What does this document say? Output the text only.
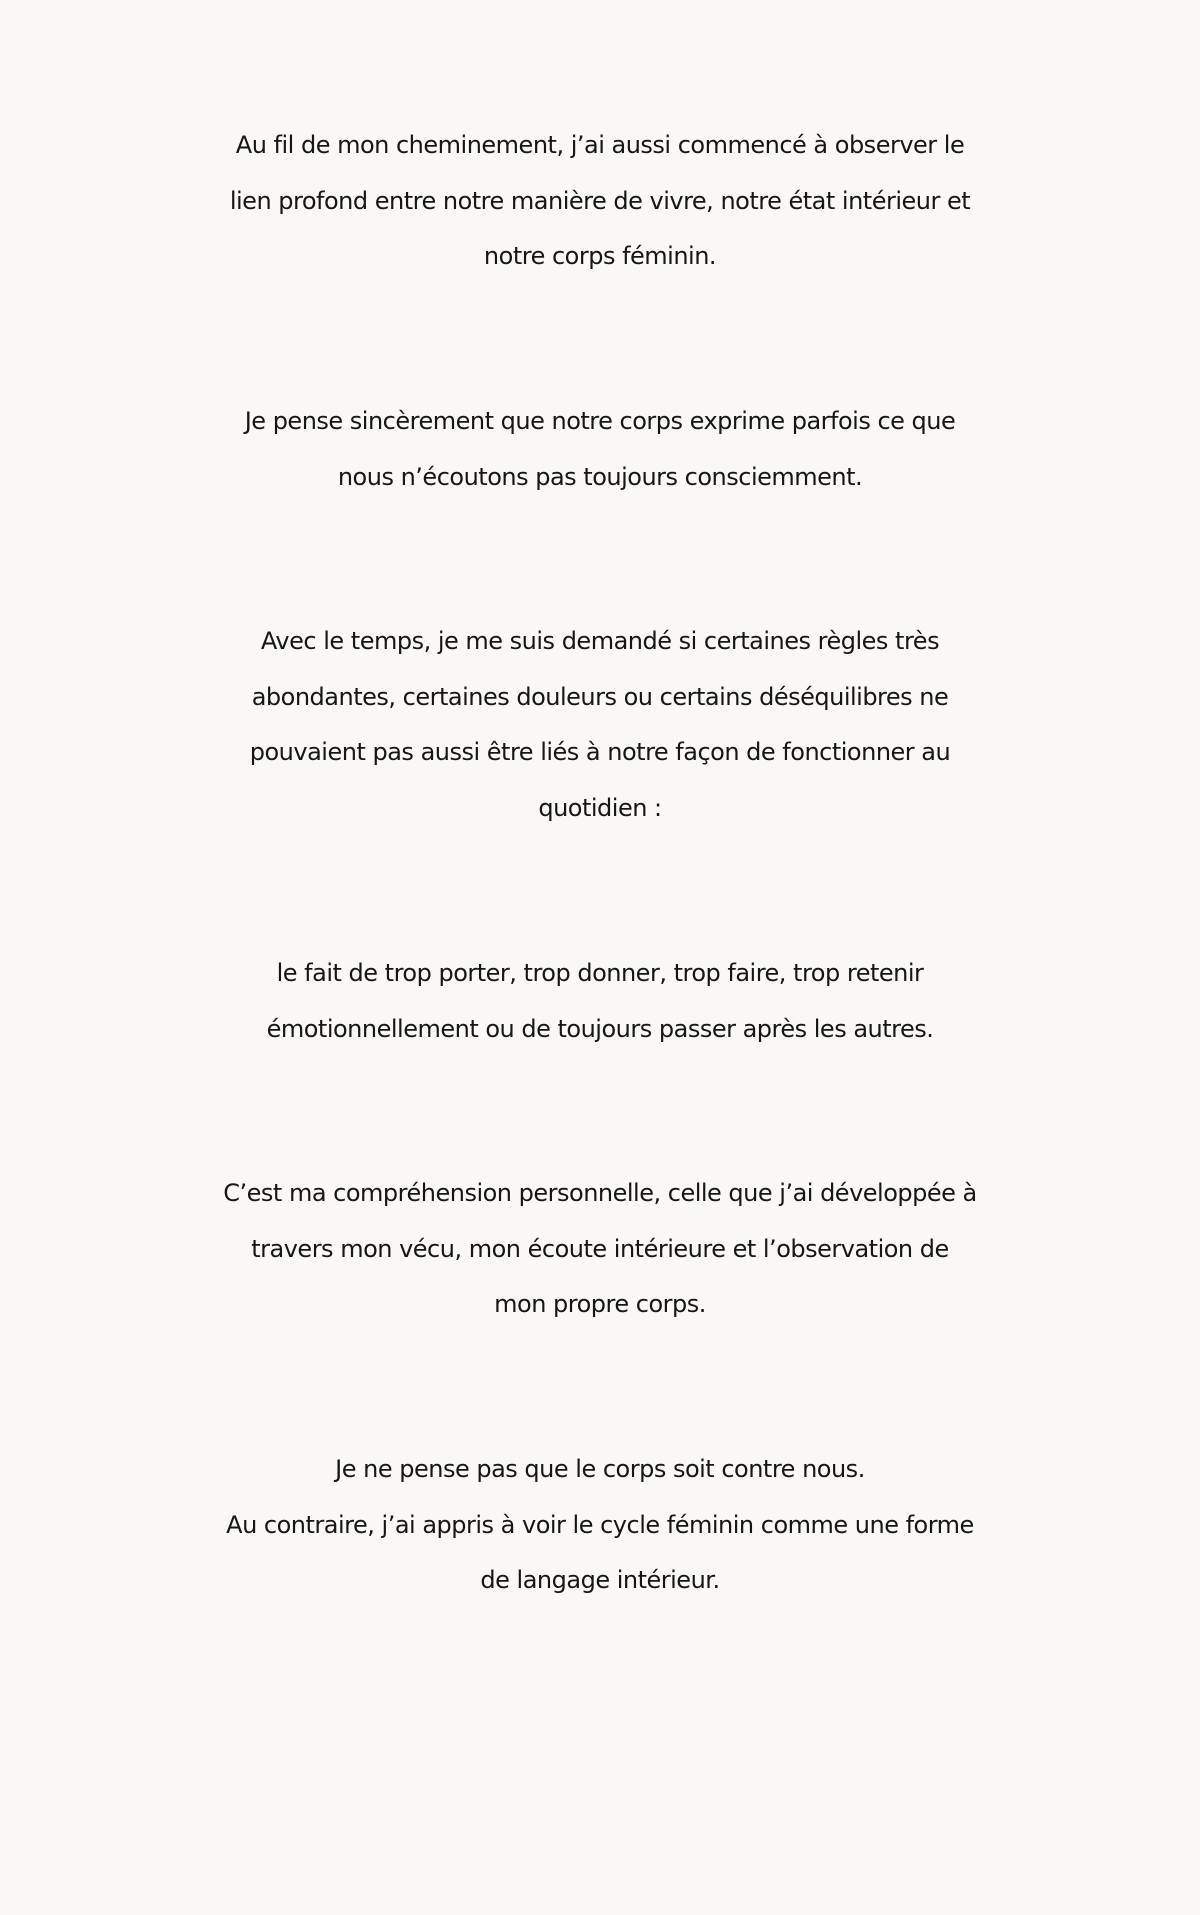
Au fil de mon cheminement, j’ai aussi commencé à observer le
lien profond entre notre manière de vivre, notre état intérieur et
notre corps féminin.

Je pense sincèrement que notre corps exprime parfois ce que
nous n’écoutons pas toujours consciemment.

Avec le temps, je me suis demandé si certaines règles très
abondantes, certaines douleurs ou certains déséquilibres ne
pouvaient pas aussi être liés à notre façon de fonctionner au
quotidien :

le fait de trop porter, trop donner, trop faire, trop retenir
émotionnellement ou de toujours passer après les autres.

C’est ma compréhension personnelle, celle que j’ai développée à
travers mon vécu, mon écoute intérieure et l’observation de
mon propre corps.

Je ne pense pas que le corps soit contre nous.
Au contraire, j’ai appris à voir le cycle féminin comme une forme
de langage intérieur.
